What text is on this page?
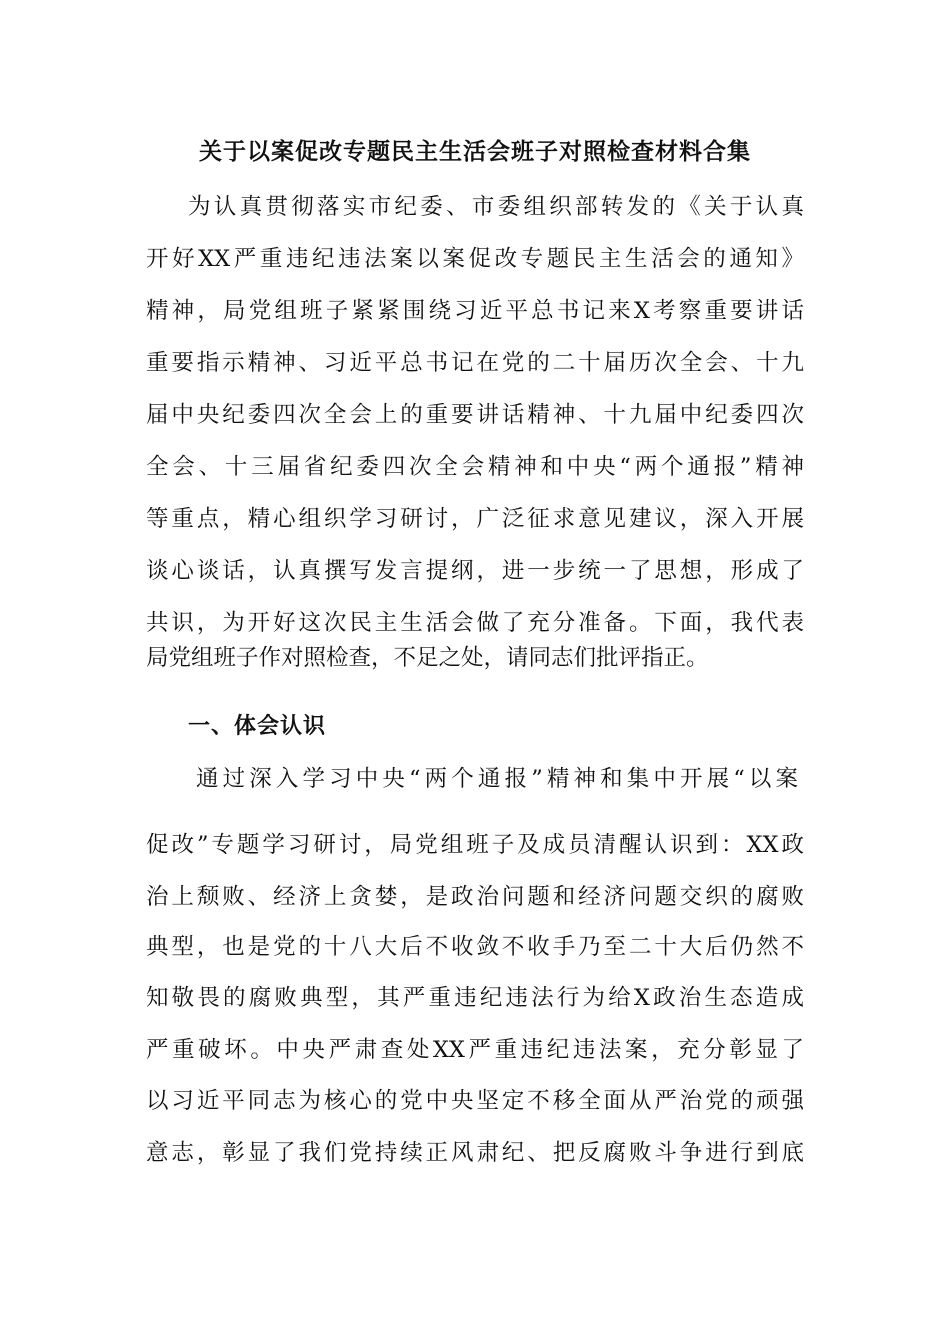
关于以案促改专题民主生活会班子对照检查材料合集
为认真贯彻落实市纪委、市委组织部转发的《关于认真
开好XX严重违纪违法案以案促改专题民主生活会的通知》
精神，局党组班子紧紧围绕习近平总书记来X考察重要讲话
重要指示精神、习近平总书记在党的二十届历次全会、十九
届中央纪委四次全会上的重要讲话精神、十九届中纪委四次
全会、十三届省纪委四次全会精神和中央“两个通报”精神
等重点，精心组织学习研讨，广泛征求意见建议，深入开展
谈心谈话，认真撰写发言提纲，进一步统一了思想，形成了
共识，为开好这次民主生活会做了充分准备。下面，我代表
局党组班子作对照检查，不足之处，请同志们批评指正。
一、体会认识
通过深入学习中央“两个通报”精神和集中开展“以案
促改”专题学习研讨，局党组班子及成员清醒认识到：XX政
治上颓败、经济上贪婪，是政治问题和经济问题交织的腐败
典型，也是党的十八大后不收敛不收手乃至二十大后仍然不
知敬畏的腐败典型，其严重违纪违法行为给X政治生态造成
严重破坏。中央严肃查处XX严重违纪违法案，充分彰显了
以习近平同志为核心的党中央坚定不移全面从严治党的顽强
意志，彰显了我们党持续正风肃纪、把反腐败斗争进行到底
